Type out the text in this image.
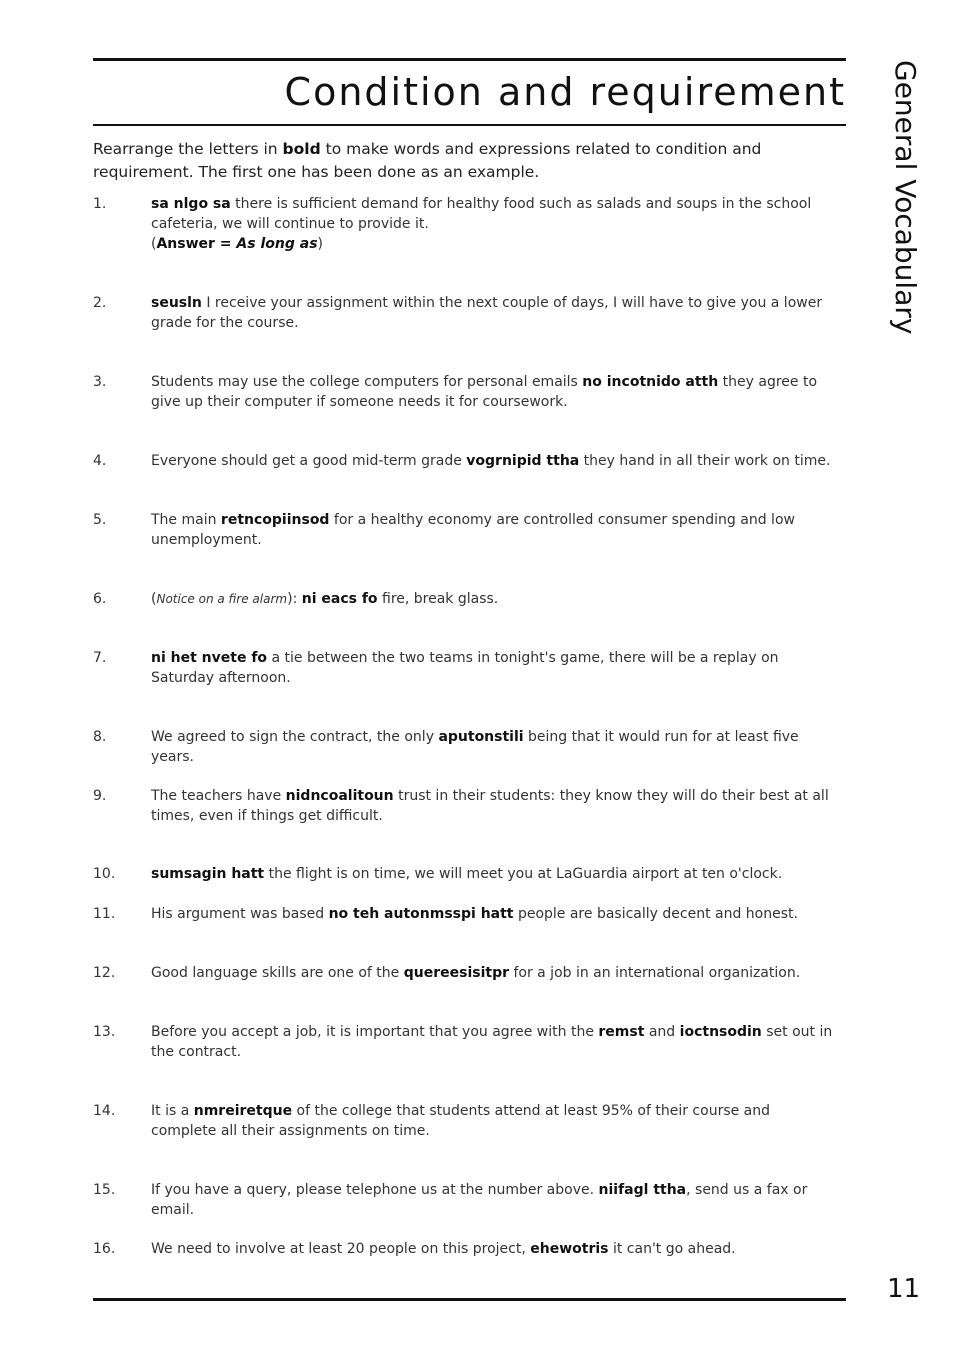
Condition and requirement General Vocabulary

Rearrange the letters in bold to make words and expressions related to condition and requirement. The first one has been done as an example.

1.	sa nlgo sa there is sufficient demand for healthy food such as salads and soups in the school cafeteria, we will continue to provide it.
(Answer = As long as)
2.	seusln I receive your assignment within the next couple of days, I will have to give you a lower grade for the course.
3.	Students may use the college computers for personal emails no incotnido atth they agree to give up their computer if someone needs it for coursework.
4.	Everyone should get a good mid-term grade vogrnipid ttha they hand in all their work on time.
5.	The main retncopiinsod for a healthy economy are controlled consumer spending and low unemployment.
6.	(Notice on a fire alarm): ni eacs fo fire, break glass.
7.	ni het nvete fo a tie between the two teams in tonight's game, there will be a replay on Saturday afternoon.
8.	We agreed to sign the contract, the only aputonstili being that it would run for at least five years.
9.	The teachers have nidncoalitoun trust in their students: they know they will do their best at all times, even if things get difficult.
10.	sumsagin hatt the flight is on time, we will meet you at LaGuardia airport at ten o'clock.
11.	His argument was based no teh autonmsspi hatt people are basically decent and honest.
12.	Good language skills are one of the quereesisitpr for a job in an international organization.
13.	Before you accept a job, it is important that you agree with the remst and ioctnsodin set out in the contract.
14.	It is a nmreiretque of the college that students attend at least 95% of their course and complete all their assignments on time.
15.	If you have a query, please telephone us at the number above. niifagl ttha, send us a fax or email.
16.	We need to involve at least 20 people on this project, ehewotris it can't go ahead.
11
